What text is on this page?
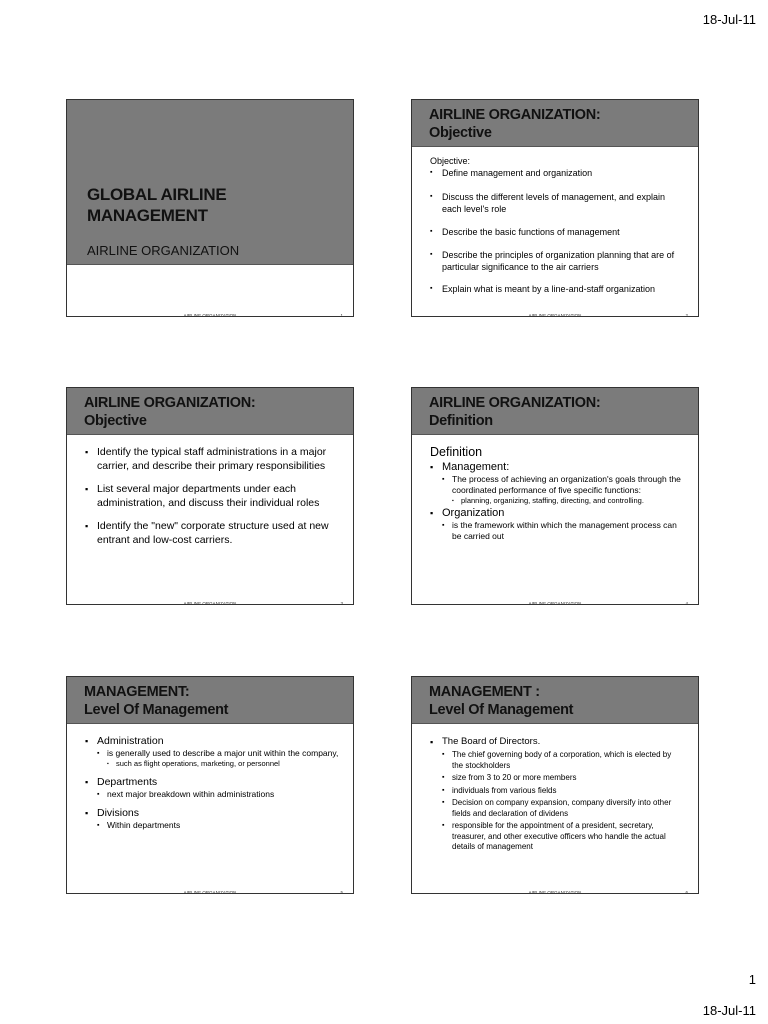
18-Jul-11
GLOBAL AIRLINE
MANAGEMENT
AIRLINE ORGANIZATION
AIRLINE ORGANIZATION	1
AIRLINE ORGANIZATION:
Objective
Objective:
▪ Define management and organization
▪ Discuss the different levels of management, and explain each level's role
▪ Describe the basic functions of management
▪ Describe the principles of organization planning that are of particular significance to the air carriers
▪ Explain what is meant by a line-and-staff organization
AIRLINE ORGANIZATION	2
AIRLINE ORGANIZATION:
Objective
▪ Identify the typical staff administrations in a major carrier, and describe their primary responsibilities
▪ List several major departments under each administration, and discuss their individual roles
▪ Identify the "new" corporate structure used at new entrant and low-cost carriers.
AIRLINE ORGANIZATION	3
AIRLINE ORGANIZATION:
Definition
Definition
▪ Management:
▪ The process of achieving an organization's goals through the coordinated performance of five specific functions:
▪ planning, organizing, staffing, directing, and controlling.
▪ Organization
▪ is the framework within which the management process can be carried out
AIRLINE ORGANIZATION	4
MANAGEMENT:
Level Of Management
▪ Administration
▪ is generally used to describe a major unit within the company,
▪ such as flight operations, marketing, or personnel
▪ Departments
▪ next major breakdown within administrations
▪ Divisions
▪ Within departments
AIRLINE ORGANIZATION	5
MANAGEMENT :
Level Of Management
▪ The Board of Directors.
▪ The chief governing body of a corporation, which is elected by the stockholders
▪ size from 3 to 20 or more members
▪ individuals from various fields
▪ Decision on company expansion, company diversify into other fields and declaration of dividens
▪ responsible for the appointment of a president, secretary, treasurer, and other executive officers who handle the actual details of management
AIRLINE ORGANIZATION	6
1
18-Jul-11
